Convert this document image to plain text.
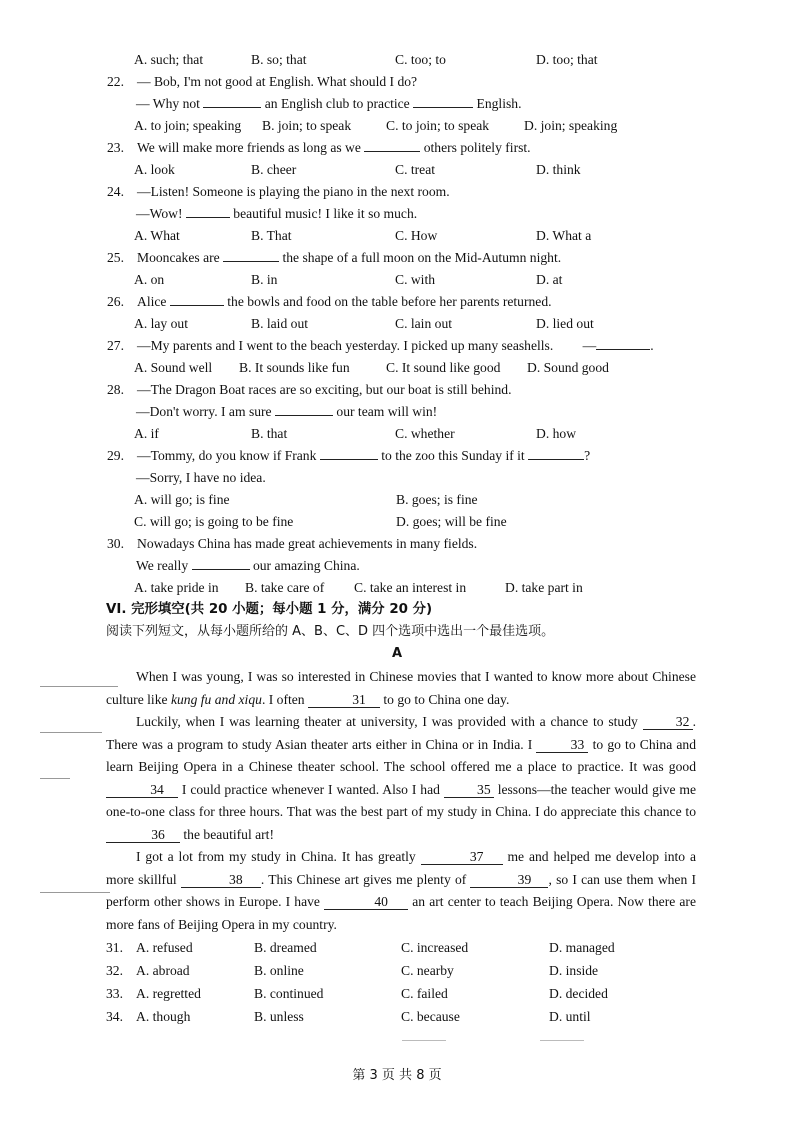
A. such; that	B. so; that	C. too; to	D. too; that
22. — Bob, I'm not good at English. What should I do?
— Why not	an English club to practice	English.
A. to join; speaking B. join; to speak	C. to join; to speak	D. join; speaking
23. We will make more friends as long as we	others politely first.
A. look	B. cheer	C. treat	D. think
24. —Listen! Someone is playing the piano in the next room.
—Wow!	beautiful music! I like it so much.
A. What	B. That	C. How	D. What a
25. Mooncakes are	the shape of a full moon on the Mid-Autumn night.
A. on	B. in	C. with	D. at
26. Alice	the bowls and food on the table before her parents returned.
A. lay out	B. laid out	C. lain out	D. lied out
27. —My parents and I went to the beach yesterday. I picked up many seashells. —	.
A. Sound well B. It sounds like fun	C. It sound like good D. Sound good
28. —The Dragon Boat races are so exciting, but our boat is still behind.
—Don't worry. I am sure	our team will win!
A. if	B. that	C. whether	D. how
29. —Tommy, do you know if Frank	to the zoo this Sunday if it	?
—Sorry, I have no idea.
A. will go; is fine	B. goes; is fine
C. will go; is going to be fine	D. goes; will be fine
30. Nowadays China has made great achievements in many fields.
We really	our amazing China.
A. take pride in B. take care of C. take an interest in	D. take part in
VI. 完形填空(共 20 小题；每小题 1 分，满分 20 分)
阅读下列短文，从每小题所给的 A、B、C、D 四个选项中选出一个最佳选项。
A
When I was young, I was so interested in Chinese movies that I wanted to know more about Chinese culture like kung fu and xiqu. I often	31 to go to China one day.
Luckily, when I was learning theater at university, I was provided with a chance to study 32 . There was a program to study Asian theater arts either in China or in India. I	33 to go to China and learn Beijing Opera in a Chinese theater school. The school offered me a place to practice. It was good 34 I could practice whenever I wanted. Also I had 35 lessons—the teacher would give me one-to-one class for three hours. That was the best part of my study in China. I do appreciate this chance to 36 the beautiful art!
I got a lot from my study in China. It has greatly	37 me and helped me develop into a more skillful	38 . This Chinese art gives me plenty of	39 , so I can use them when I perform other shows in Europe. I have	40 an art center to teach Beijing Opera. Now there are more fans of Beijing Opera in my country.
31. A. refused	B. dreamed	C. increased	D. managed
32. A. abroad	B. online	C. nearby	D. inside
33. A. regretted	B. continued	C. failed	D. decided
34. A. though	B. unless	C. because	D. until
第 3 页 共 8 页
